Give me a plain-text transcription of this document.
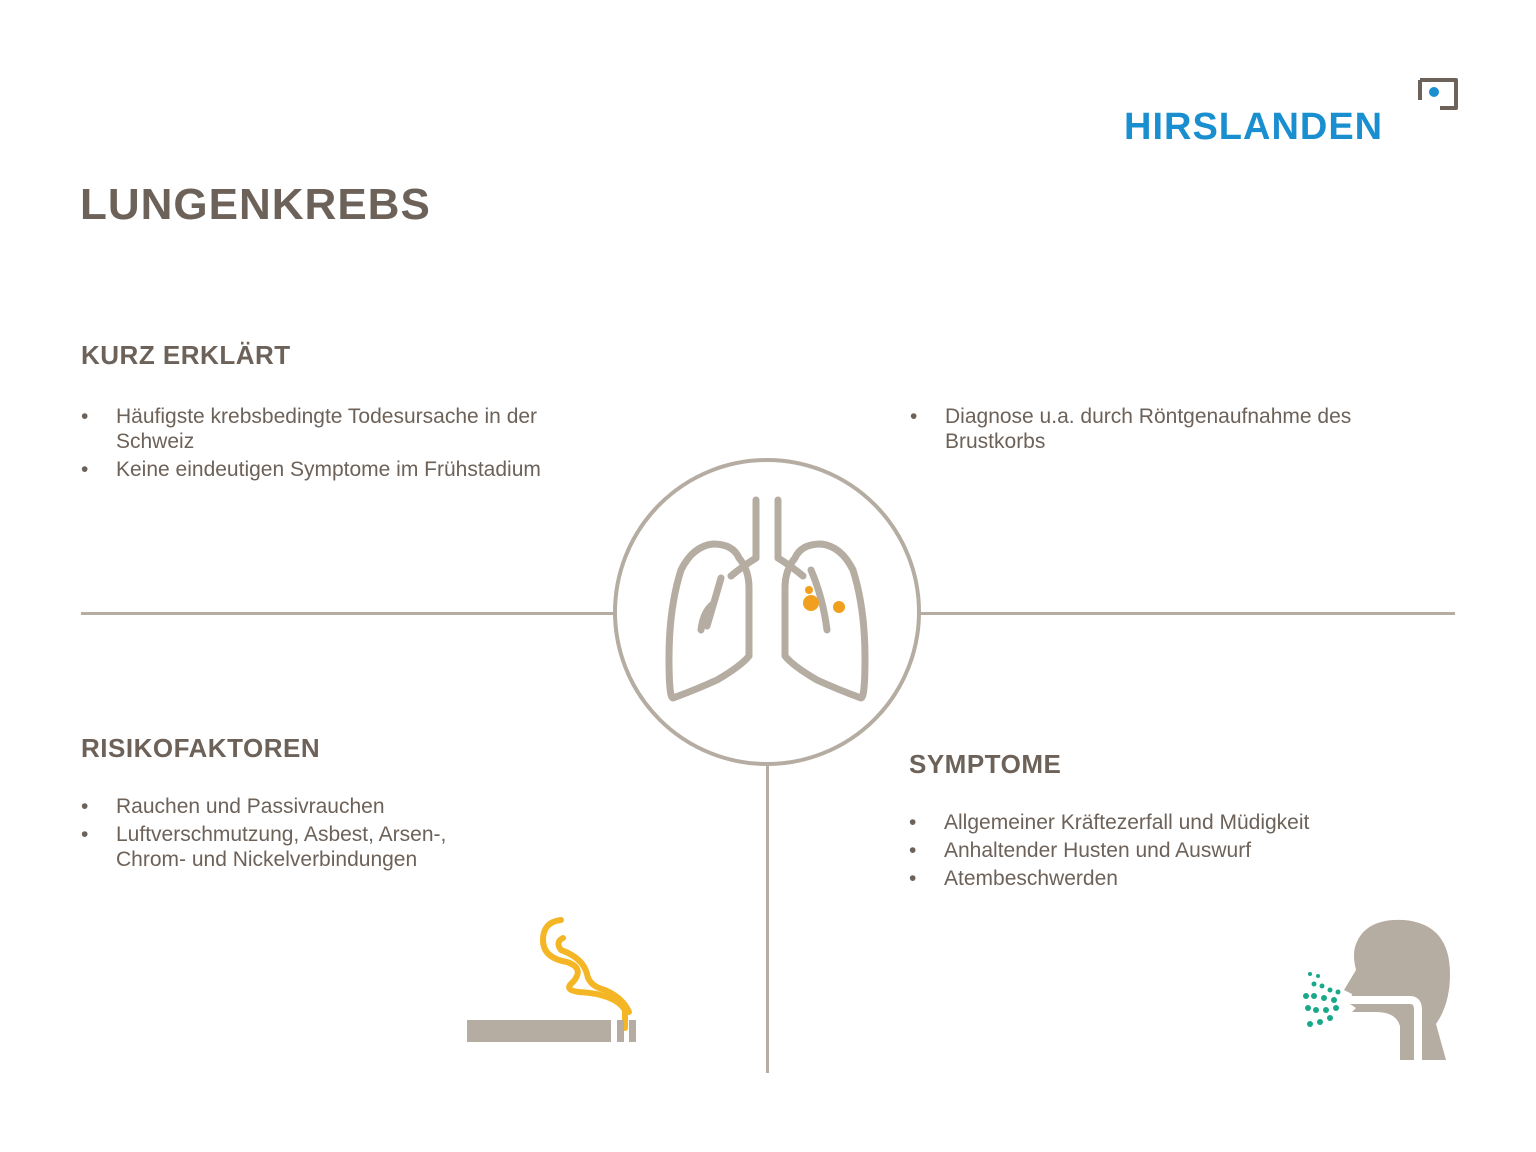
HIRSLANDEN
LUNGENKREBS
KURZ ERKLÄRT
• Häufigste krebsbedingte Todesursache in der Schweiz
• Keine eindeutigen Symptome im Frühstadium
• Diagnose u.a. durch Röntgenaufnahme des Brustkorbs
RISIKOFAKTOREN
• Rauchen und Passivrauchen
• Luftverschmutzung, Asbest, Arsen-, Chrom- und Nickelverbindungen
SYMPTOME
• Allgemeiner Kräftezerfall und Müdigkeit
• Anhaltender Husten und Auswurf
• Atembeschwerden
